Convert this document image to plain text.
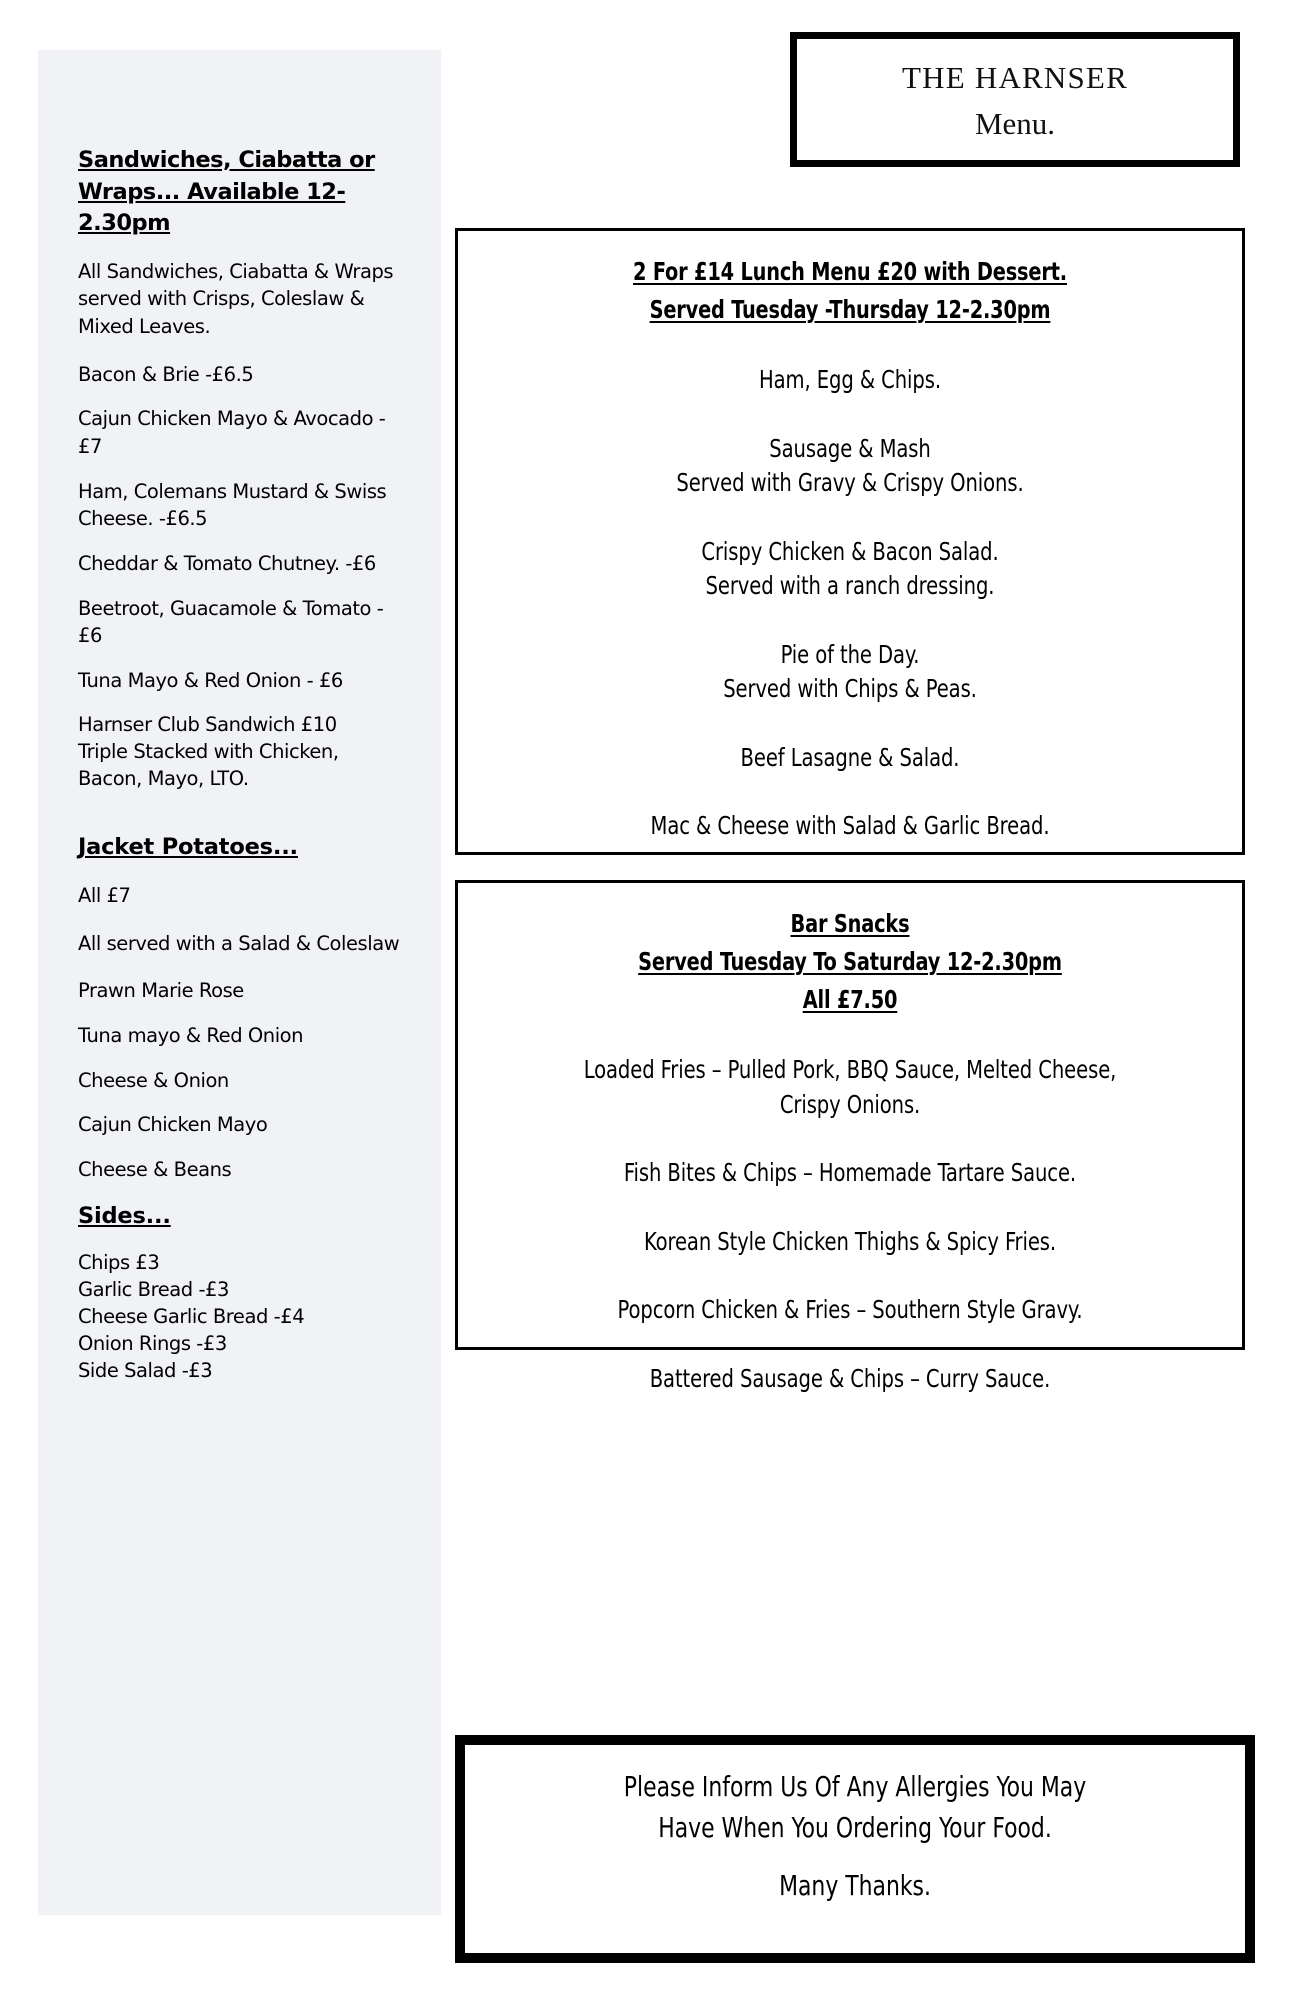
Sandwiches, Ciabatta or
Wraps... Available 12-
2.30pm
All Sandwiches, Ciabatta & Wraps served with Crisps, Coleslaw & Mixed Leaves.
Bacon & Brie -£6.5
Cajun Chicken Mayo & Avocado -£7
Ham, Colemans Mustard & Swiss Cheese. -£6.5
Cheddar & Tomato Chutney. -£6
Beetroot, Guacamole & Tomato - £6
Tuna Mayo & Red Onion - £6
Harnser Club Sandwich £10
Triple Stacked with Chicken,
Bacon, Mayo, LTO.
Jacket Potatoes...
All £7
All served with a Salad & Coleslaw
Prawn Marie Rose
Tuna mayo & Red Onion
Cheese & Onion
Cajun Chicken Mayo
Cheese & Beans
Sides...
Chips £3
Garlic Bread -£3
Cheese Garlic Bread -£4
Onion Rings -£3
Side Salad -£3
THE HARNSER
Menu.
2 For £14 Lunch Menu £20 with Dessert.
Served Tuesday -Thursday 12-2.30pm
Ham, Egg & Chips.
Sausage & Mash
Served with Gravy & Crispy Onions.
Crispy Chicken & Bacon Salad.
Served with a ranch dressing.
Pie of the Day.
Served with Chips & Peas.
Beef Lasagne & Salad.
Mac & Cheese with Salad & Garlic Bread.
Bar Snacks
Served Tuesday To Saturday 12-2.30pm
All £7.50
Loaded Fries – Pulled Pork, BBQ Sauce, Melted Cheese,
Crispy Onions.
Fish Bites & Chips – Homemade Tartare Sauce.
Korean Style Chicken Thighs & Spicy Fries.
Popcorn Chicken & Fries – Southern Style Gravy.
Battered Sausage & Chips – Curry Sauce.
Please Inform Us Of Any Allergies You May
Have When You Ordering Your Food.
Many Thanks.
